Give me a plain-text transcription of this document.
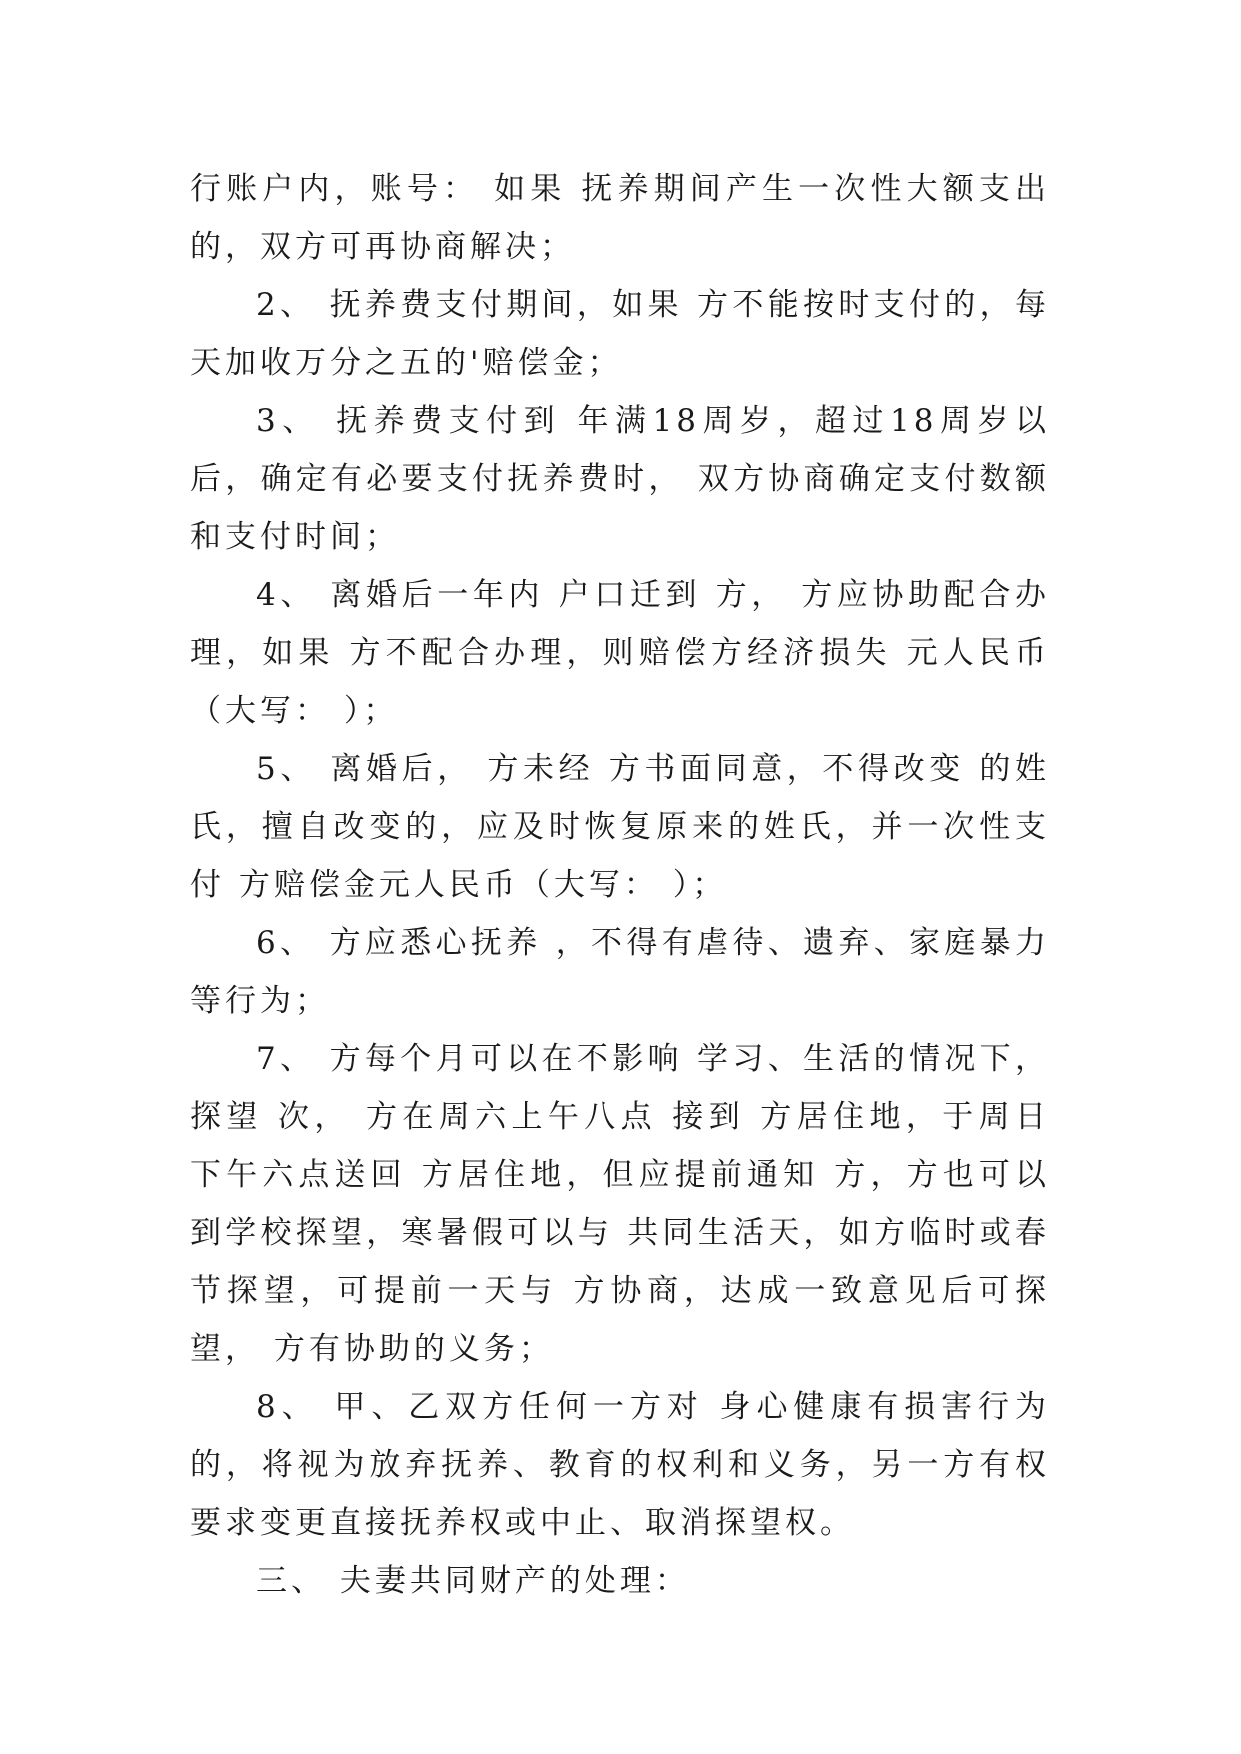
行账户内，账号： 如果 抚养期间产生一次性大额支出的，双方可再协商解决；

2、 抚养费支付期间，如果 方不能按时支付的，每天加收万分之五的'赔偿金；

3、 抚养费支付到 年满18周岁，超过18周岁以后，确定有必要支付抚养费时， 双方协商确定支付数额和支付时间；

4、 离婚后一年内 户口迁到 方， 方应协助配合办理，如果 方不配合办理，则赔偿方经济损失 元人民币（大写： ）；

5、 离婚后， 方未经 方书面同意，不得改变 的姓氏，擅自改变的，应及时恢复原来的姓氏，并一次性支付 方赔偿金元人民币（大写： ）；

6、 方应悉心抚养 ，不得有虐待、遗弃、家庭暴力等行为；

7、 方每个月可以在不影响 学习、生活的情况下，探望 次， 方在周六上午八点 接到 方居住地，于周日下午六点送回 方居住地，但应提前通知 方，方也可以到学校探望，寒暑假可以与 共同生活天，如方临时或春节探望，可提前一天与 方协商，达成一致意见后可探望， 方有协助的义务；

8、 甲、乙双方任何一方对 身心健康有损害行为的，将视为放弃抚养、教育的权利和义务，另一方有权要求变更直接抚养权或中止、取消探望权。

三、 夫妻共同财产的处理：
